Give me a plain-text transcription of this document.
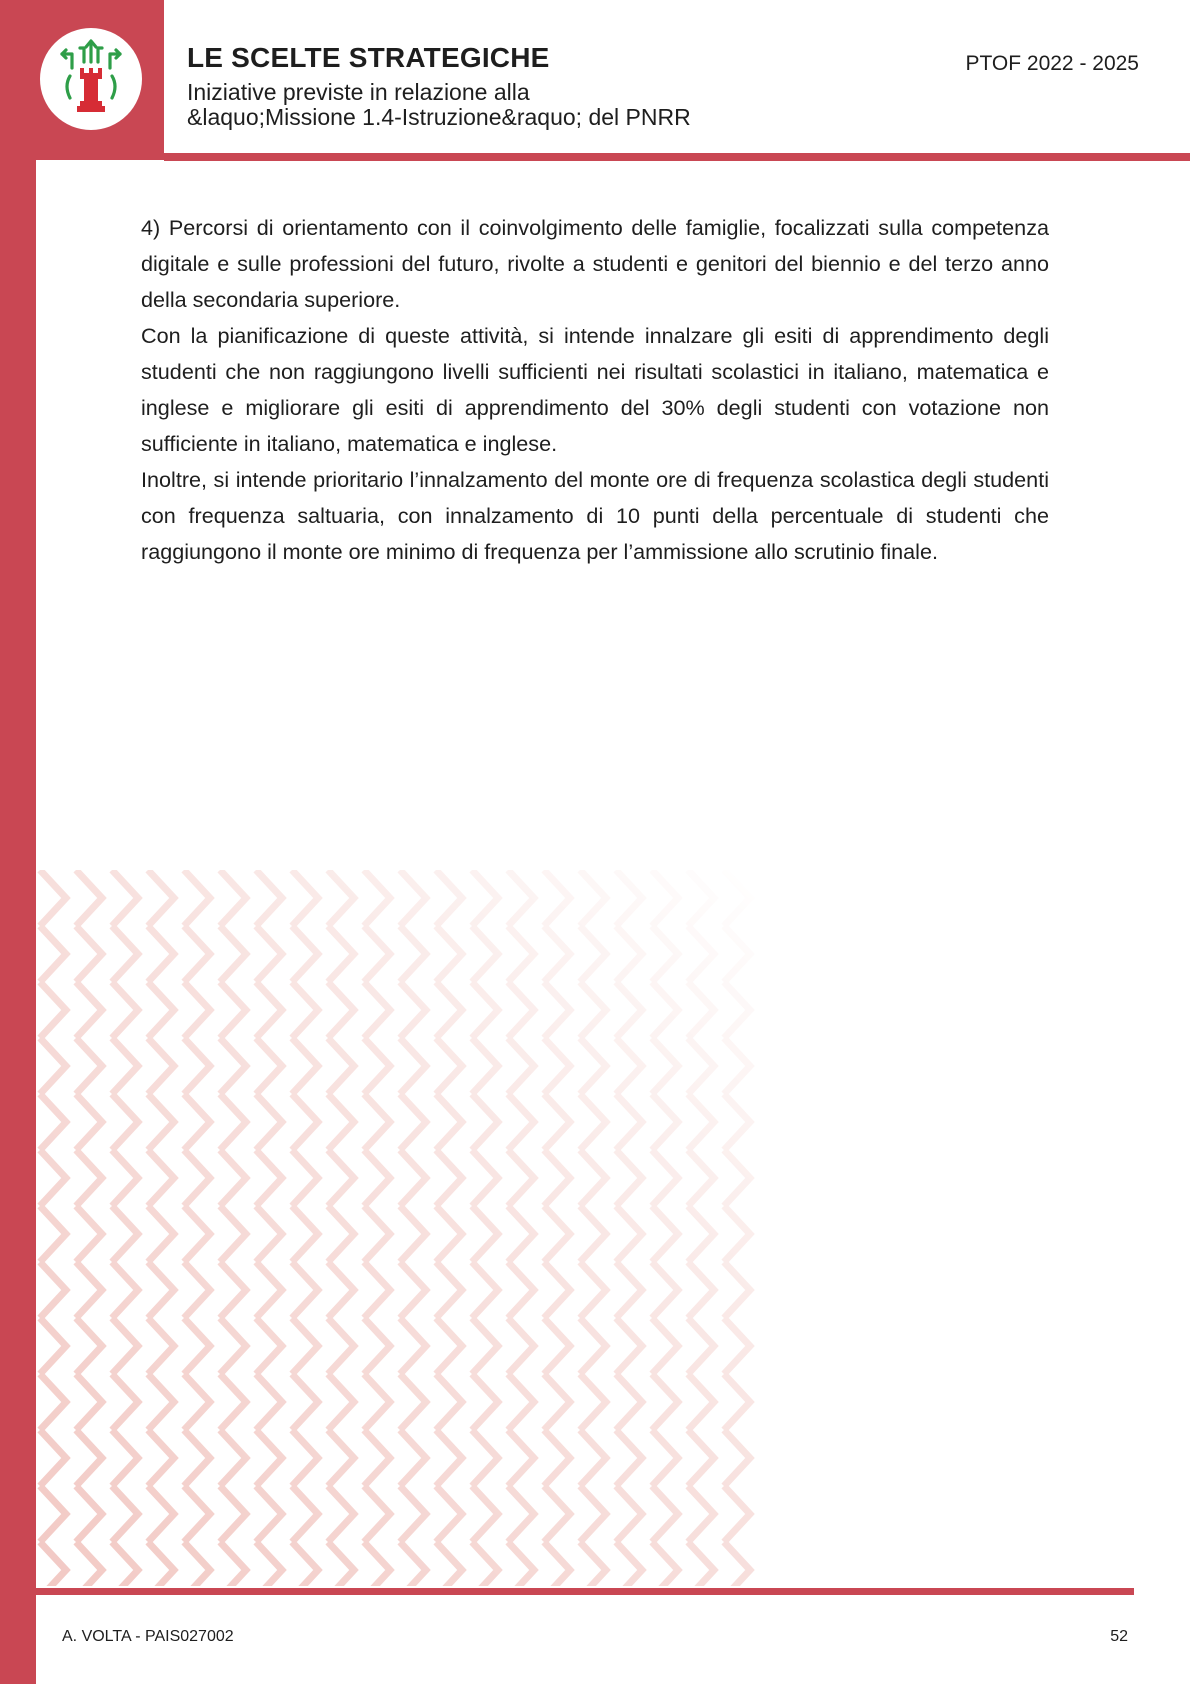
LE SCELTE STRATEGICHE
Iniziative previste in relazione alla
&laquo;Missione 1.4-Istruzione&raquo; del PNRR
PTOF 2022 - 2025

4) Percorsi di orientamento con il coinvolgimento delle famiglie, focalizzati sulla competenza digitale e sulle professioni del futuro, rivolte a studenti e genitori del biennio e del terzo anno della secondaria superiore.

Con la pianificazione di queste attività, si intende innalzare gli esiti di apprendimento degli studenti che non raggiungono livelli sufficienti nei risultati scolastici in italiano, matematica e inglese e migliorare gli esiti di apprendimento del 30% degli studenti con votazione non sufficiente in italiano, matematica e inglese.

Inoltre, si intende prioritario l’innalzamento del monte ore di frequenza scolastica degli studenti con frequenza saltuaria, con innalzamento di 10 punti della percentuale di studenti che raggiungono il monte ore minimo di frequenza per l’ammissione allo scrutinio finale.

A. VOLTA - PAIS027002	52
